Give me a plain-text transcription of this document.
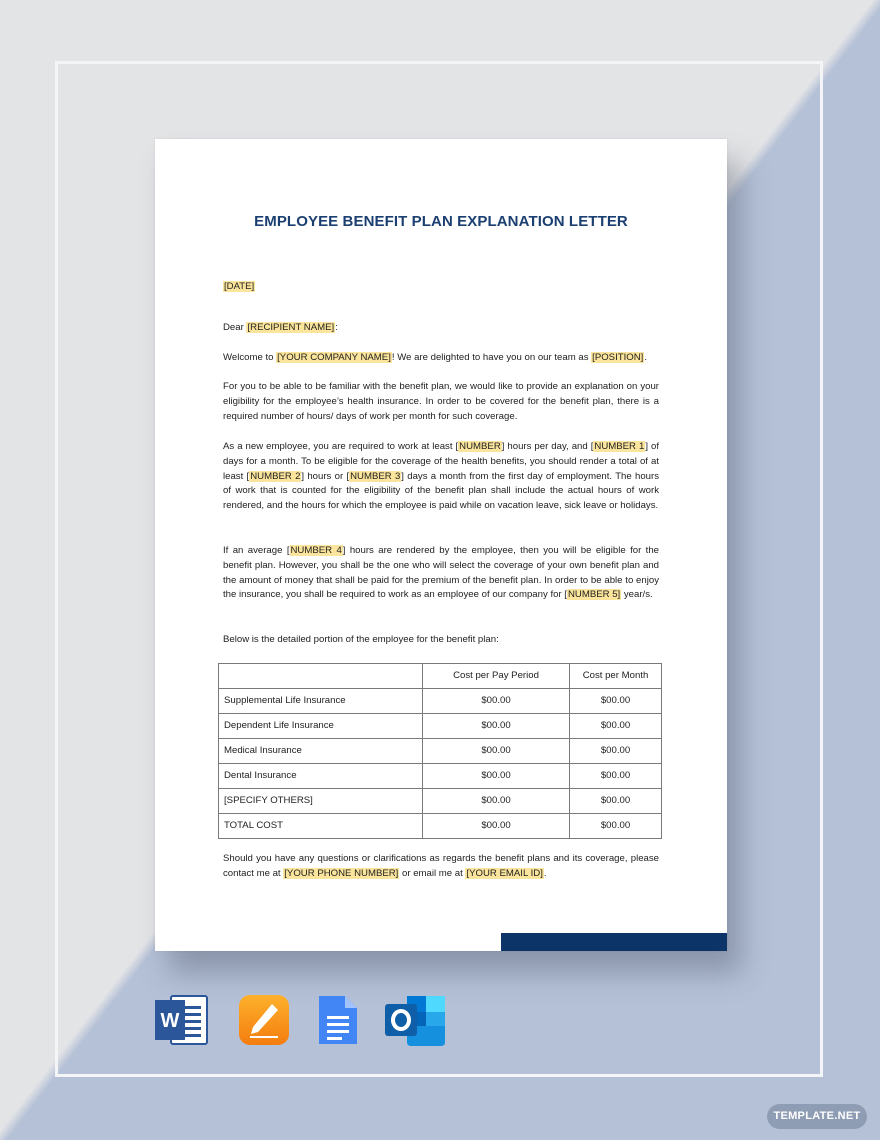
EMPLOYEE BENEFIT PLAN EXPLANATION LETTER

[DATE]

Dear [RECIPIENT NAME]:

Welcome to [YOUR COMPANY NAME]! We are delighted to have you on our team as [POSITION].

For you to be able to be familiar with the benefit plan, we would like to provide an explanation on your eligibility for the employee’s health insurance. In order to be covered for the benefit plan, there is a required number of hours/ days of work per month for such coverage.

As a new employee, you are required to work at least [NUMBER] hours per day, and [NUMBER 1] of days for a month. To be eligible for the coverage of the health benefits, you should render a total of at least [NUMBER 2] hours or [NUMBER 3] days a month from the first day of employment. The hours of work that is counted for the eligibility of the benefit plan shall include the actual hours of work rendered, and the hours for which the employee is paid while on vacation leave, sick leave or holidays.

If an average [NUMBER 4] hours are rendered by the employee, then you will be eligible for the benefit plan. However, you shall be the one who will select the coverage of your own benefit plan and the amount of money that shall be paid for the premium of the benefit plan. In order to be able to enjoy the insurance, you shall be required to work as an employee of our company for [NUMBER 5] year/s.

Below is the detailed portion of the employee for the benefit plan:

	Cost per Pay Period	Cost per Month
Supplemental Life Insurance	$00.00	$00.00
Dependent Life Insurance	$00.00	$00.00
Medical Insurance	$00.00	$00.00
Dental Insurance	$00.00	$00.00
[SPECIFY OTHERS]	$00.00	$00.00
TOTAL COST	$00.00	$00.00

Should you have any questions or clarifications as regards the benefit plans and its coverage, please contact me at [YOUR PHONE NUMBER] or email me at [YOUR EMAIL ID].

W
TEMPLATE.NET
